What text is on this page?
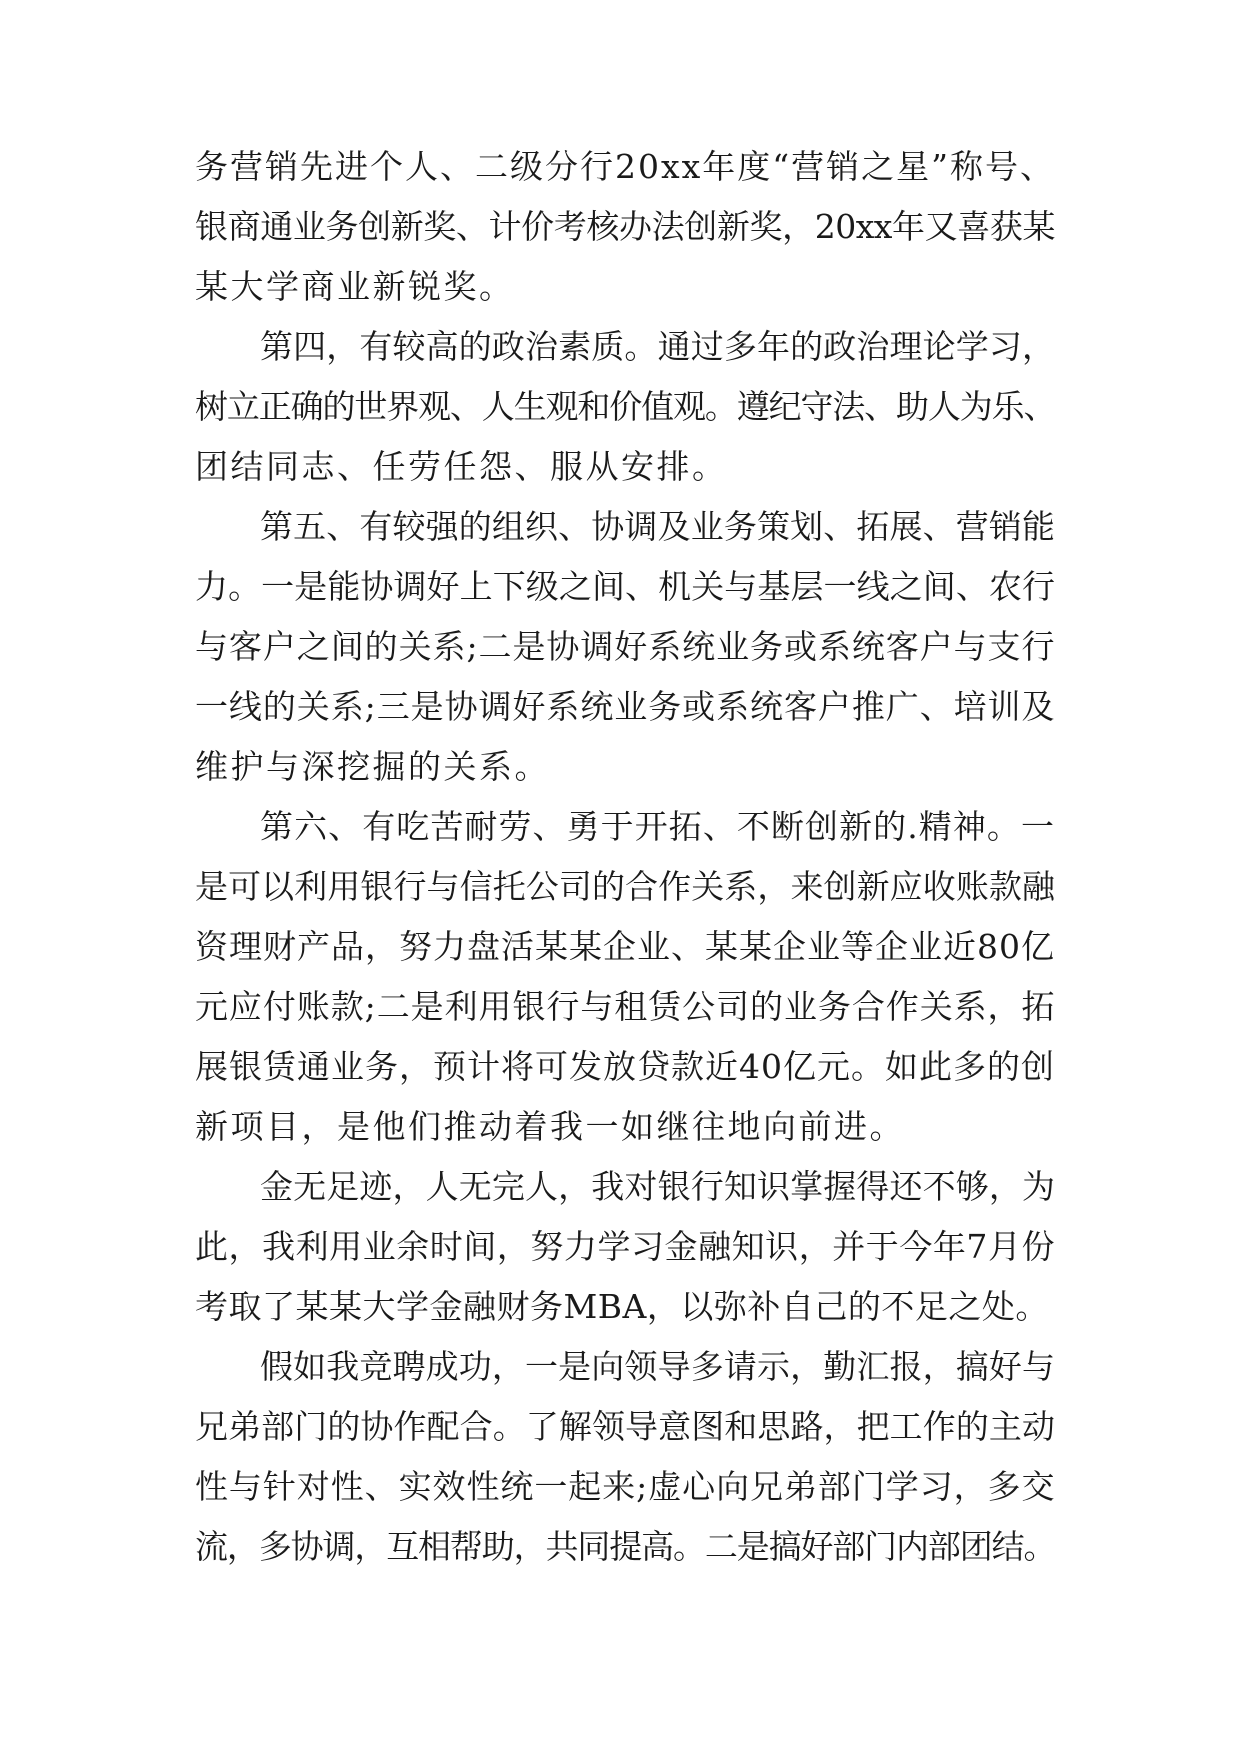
务营销先进个人、二级分行20xx年度“营销之星”称号、
银商通业务创新奖、计价考核办法创新奖，20xx年又喜获某
某大学商业新锐奖。
第四，有较高的政治素质。通过多年的政治理论学习，
树立正确的世界观、人生观和价值观。遵纪守法、助人为乐、
团结同志、任劳任怨、服从安排。
第五、有较强的组织、协调及业务策划、拓展、营销能
力。一是能协调好上下级之间、机关与基层一线之间、农行
与客户之间的关系;二是协调好系统业务或系统客户与支行
一线的关系;三是协调好系统业务或系统客户推广、培训及
维护与深挖掘的关系。
第六、有吃苦耐劳、勇于开拓、不断创新的.精神。一
是可以利用银行与信托公司的合作关系，来创新应收账款融
资理财产品，努力盘活某某企业、某某企业等企业近80亿
元应付账款;二是利用银行与租赁公司的业务合作关系，拓
展银赁通业务，预计将可发放贷款近40亿元。如此多的创
新项目，是他们推动着我一如继往地向前进。
金无足迹，人无完人，我对银行知识掌握得还不够，为
此，我利用业余时间，努力学习金融知识，并于今年7月份
考取了某某大学金融财务MBA，以弥补自己的不足之处。
假如我竞聘成功，一是向领导多请示，勤汇报，搞好与
兄弟部门的协作配合。了解领导意图和思路，把工作的主动
性与针对性、实效性统一起来;虚心向兄弟部门学习，多交
流，多协调，互相帮助，共同提高。二是搞好部门内部团结。
